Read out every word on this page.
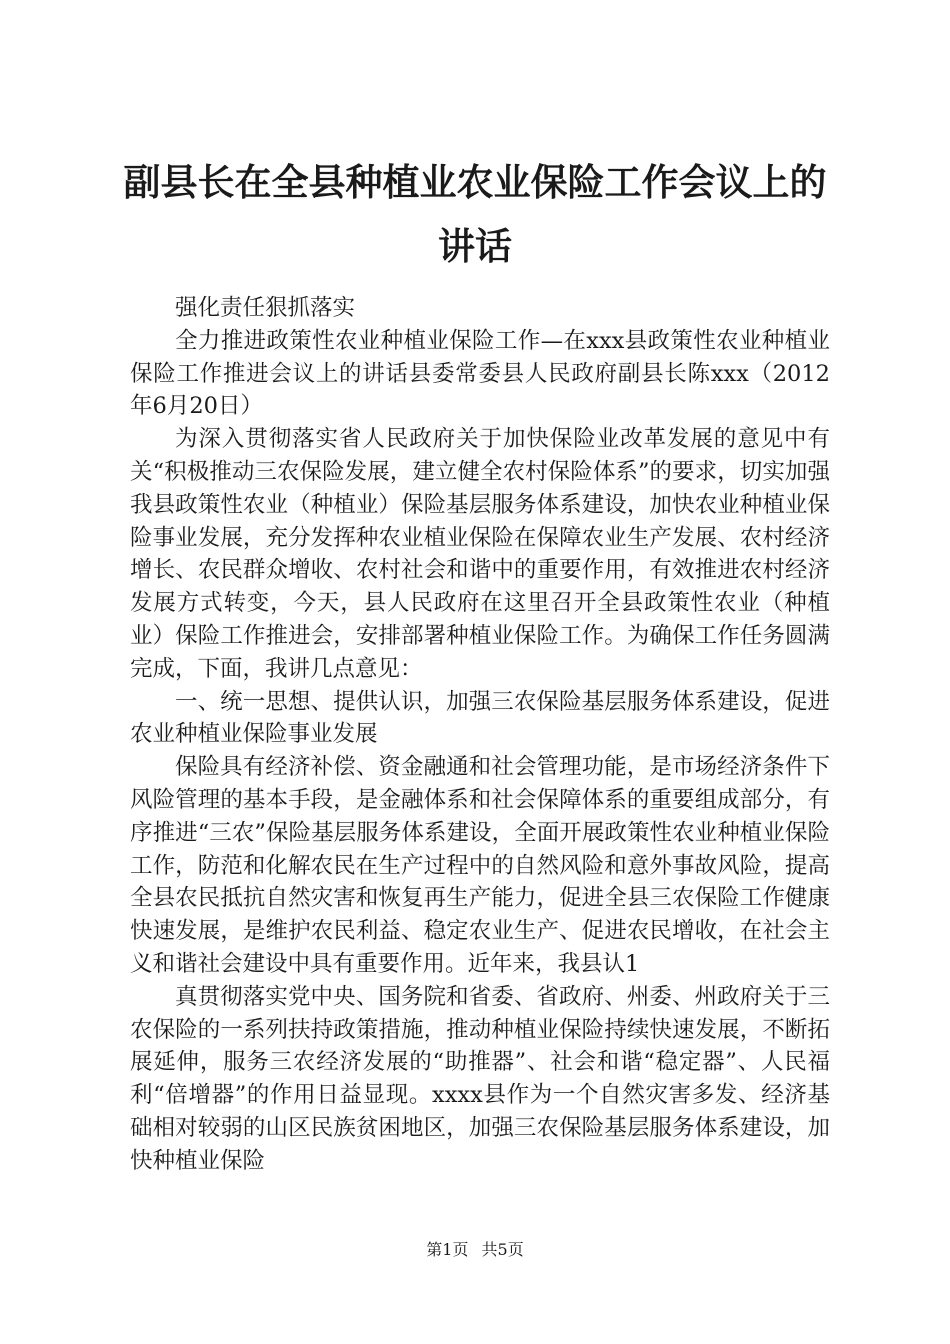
副县长在全县种植业农业保险工作会议上的讲话

强化责任狠抓落实

全力推进政策性农业种植业保险工作—在xxx县政策性农业种植业保险工作推进会议上的讲话县委常委县人民政府副县长陈xxx（2012年6月20日）

为深入贯彻落实省人民政府关于加快保险业改革发展的意见中有关“积极推动三农保险发展，建立健全农村保险体系”的要求，切实加强我县政策性农业（种植业）保险基层服务体系建设，加快农业种植业保险事业发展，充分发挥种农业植业保险在保障农业生产发展、农村经济增长、农民群众增收、农村社会和谐中的重要作用，有效推进农村经济发展方式转变，今天，县人民政府在这里召开全县政策性农业（种植业）保险工作推进会，安排部署种植业保险工作。为确保工作任务圆满完成，下面，我讲几点意见：

一、统一思想、提供认识，加强三农保险基层服务体系建设，促进农业种植业保险事业发展

保险具有经济补偿、资金融通和社会管理功能，是市场经济条件下风险管理的基本手段，是金融体系和社会保障体系的重要组成部分，有序推进“三农”保险基层服务体系建设，全面开展政策性农业种植业保险工作，防范和化解农民在生产过程中的自然风险和意外事故风险，提高全县农民抵抗自然灾害和恢复再生产能力，促进全县三农保险工作健康快速发展，是维护农民利益、稳定农业生产、促进农民增收，在社会主义和谐社会建设中具有重要作用。近年来，我县认1

真贯彻落实党中央、国务院和省委、省政府、州委、州政府关于三农保险的一系列扶持政策措施，推动种植业保险持续快速发展，不断拓展延伸，服务三农经济发展的“助推器”、社会和谐“稳定器”、人民福利“倍增器”的作用日益显现。xxxx县作为一个自然灾害多发、经济基础相对较弱的山区民族贫困地区，加强三农保险基层服务体系建设，加快种植业保险

第1页 共5页
